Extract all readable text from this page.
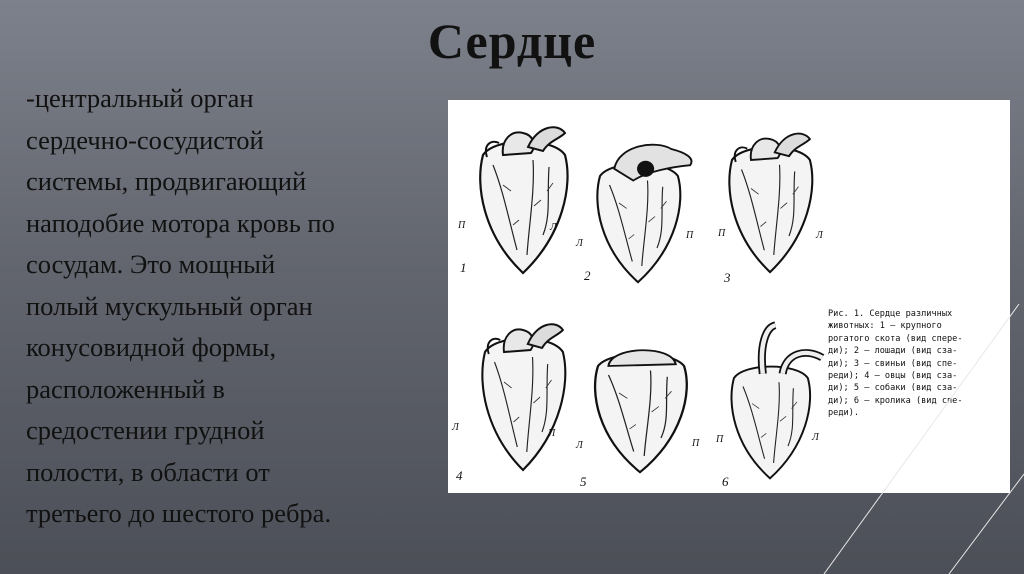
Сердце
-центральный орган
сердечно-сосудистой
системы, продвигающий
наподобие мотора кровь по
сосудам. Это мощный
полый мускульный орган
конусовидной формы,
расположенный в
средостении грудной
полости, в области от
третьего до шестого ребра.
1
П	Л
2
Л
П
3
П	Л
4
Л
П
5
Л	П
6
П	Л
Рис. 1. Сердце различных
животных: 1 — крупного
рогатого скота (вид спере-
ди); 2 — лошади (вид сза-
ди); 3 — свиньи (вид спе-
реди); 4 — овцы (вид сза-
ди); 5 — собаки (вид сза-
ди); 6 — кролика (вид спе-
реди).
